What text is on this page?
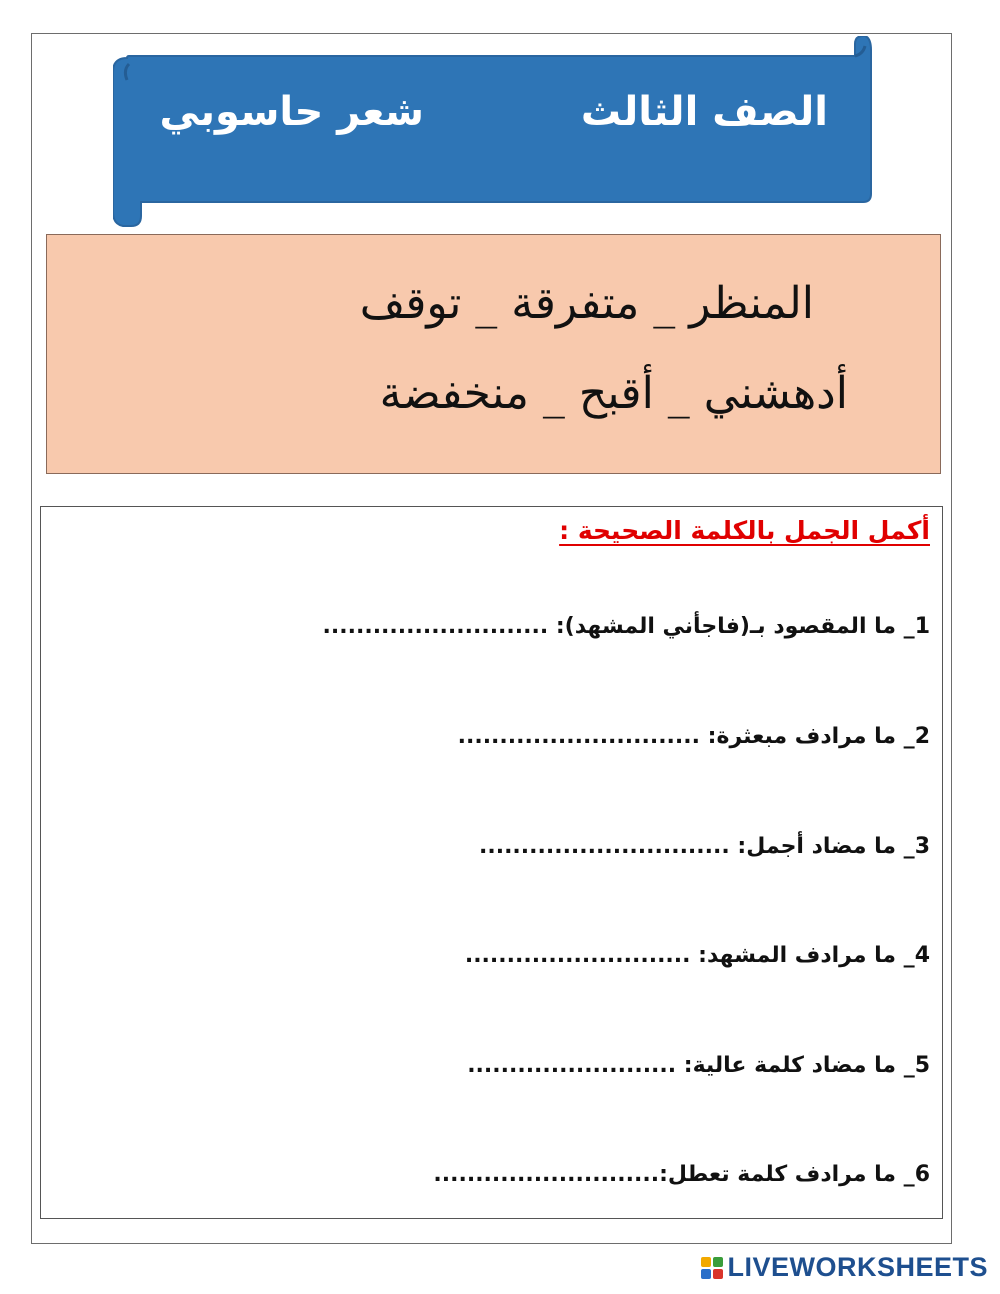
الصف الثالث
شعر حاسوبي
المنظر _ متفرقة _ توقف
أدهشني _ أقبح _ منخفضة
أكمل الجمل بالكلمة الصحيحة :
1_ ما المقصود بـ(فاجأني المشهد): ...........................
2_ ما مرادف مبعثرة: .............................
3_ ما مضاد أجمل: ..............................
4_ ما مرادف المشهد: ...........................
5_ ما مضاد كلمة عالية: .........................
6_ ما مرادف كلمة تعطل:...........................
LIVEWORKSHEETS
